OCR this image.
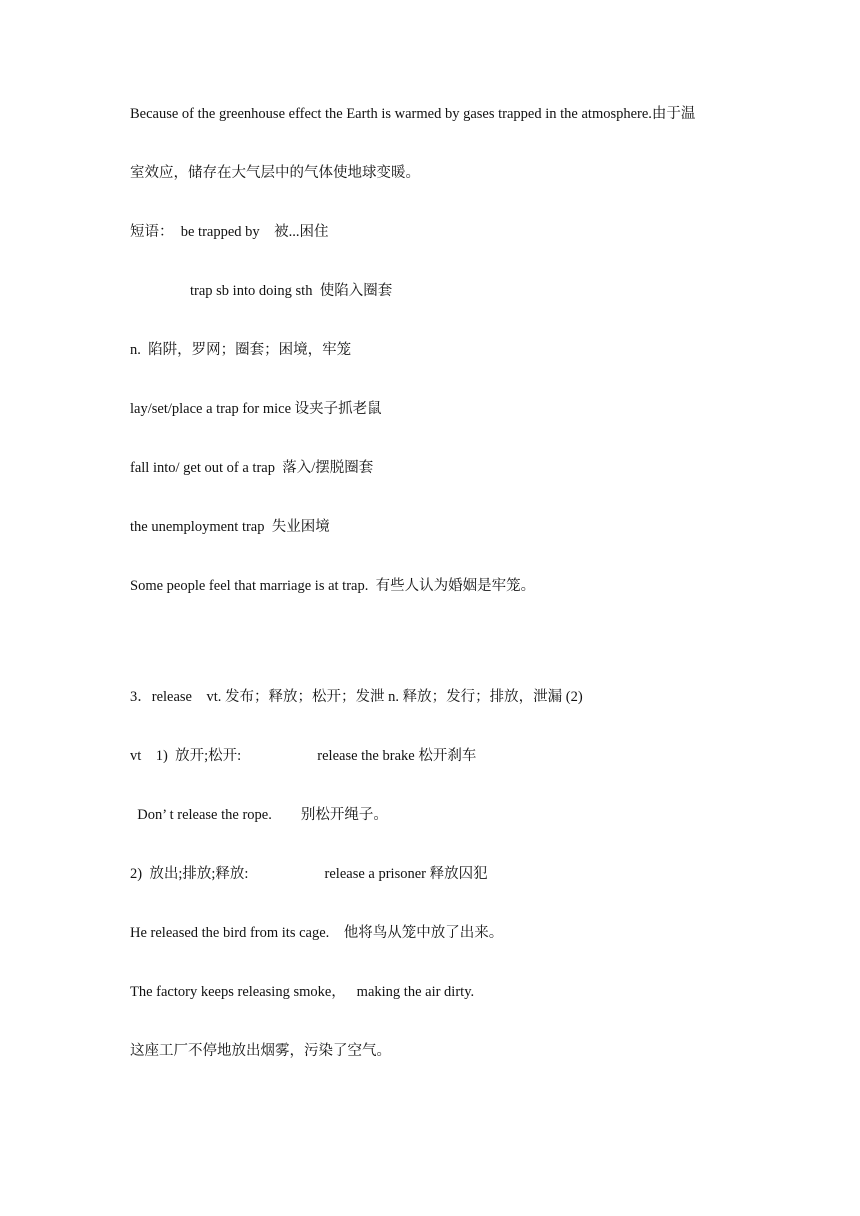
Because of the greenhouse effect the Earth is warmed by gases trapped in the atmosphere.由于温
室效应，储存在大气层中的气体使地球变暖。
短语：  be trapped by    被...困住
trap sb into doing sth  使陷入圈套
n.  陷阱，罗网；圈套；困境，牢笼
lay/set/place a trap for mice 设夹子抓老鼠
fall into/ get out of a trap  落入/摆脱圈套
the unemployment trap  失业困境
Some people feel that marriage is at trap.  有些人认为婚姻是牢笼。
3．release    vt. 发布；释放；松开；发泄 n. 释放；发行；排放，泄漏 (2)
vt    1)  放开;松开:                     release the brake 松开刹车
Don’ t release the rope.        别松开绳子。
2)  放出;排放;释放:                     release a prisoner 释放囚犯
He released the bird from its cage.    他将鸟从笼中放了出来。
The factory keeps releasing smoke，   making the air dirty.
这座工厂不停地放出烟雾，污染了空气。
